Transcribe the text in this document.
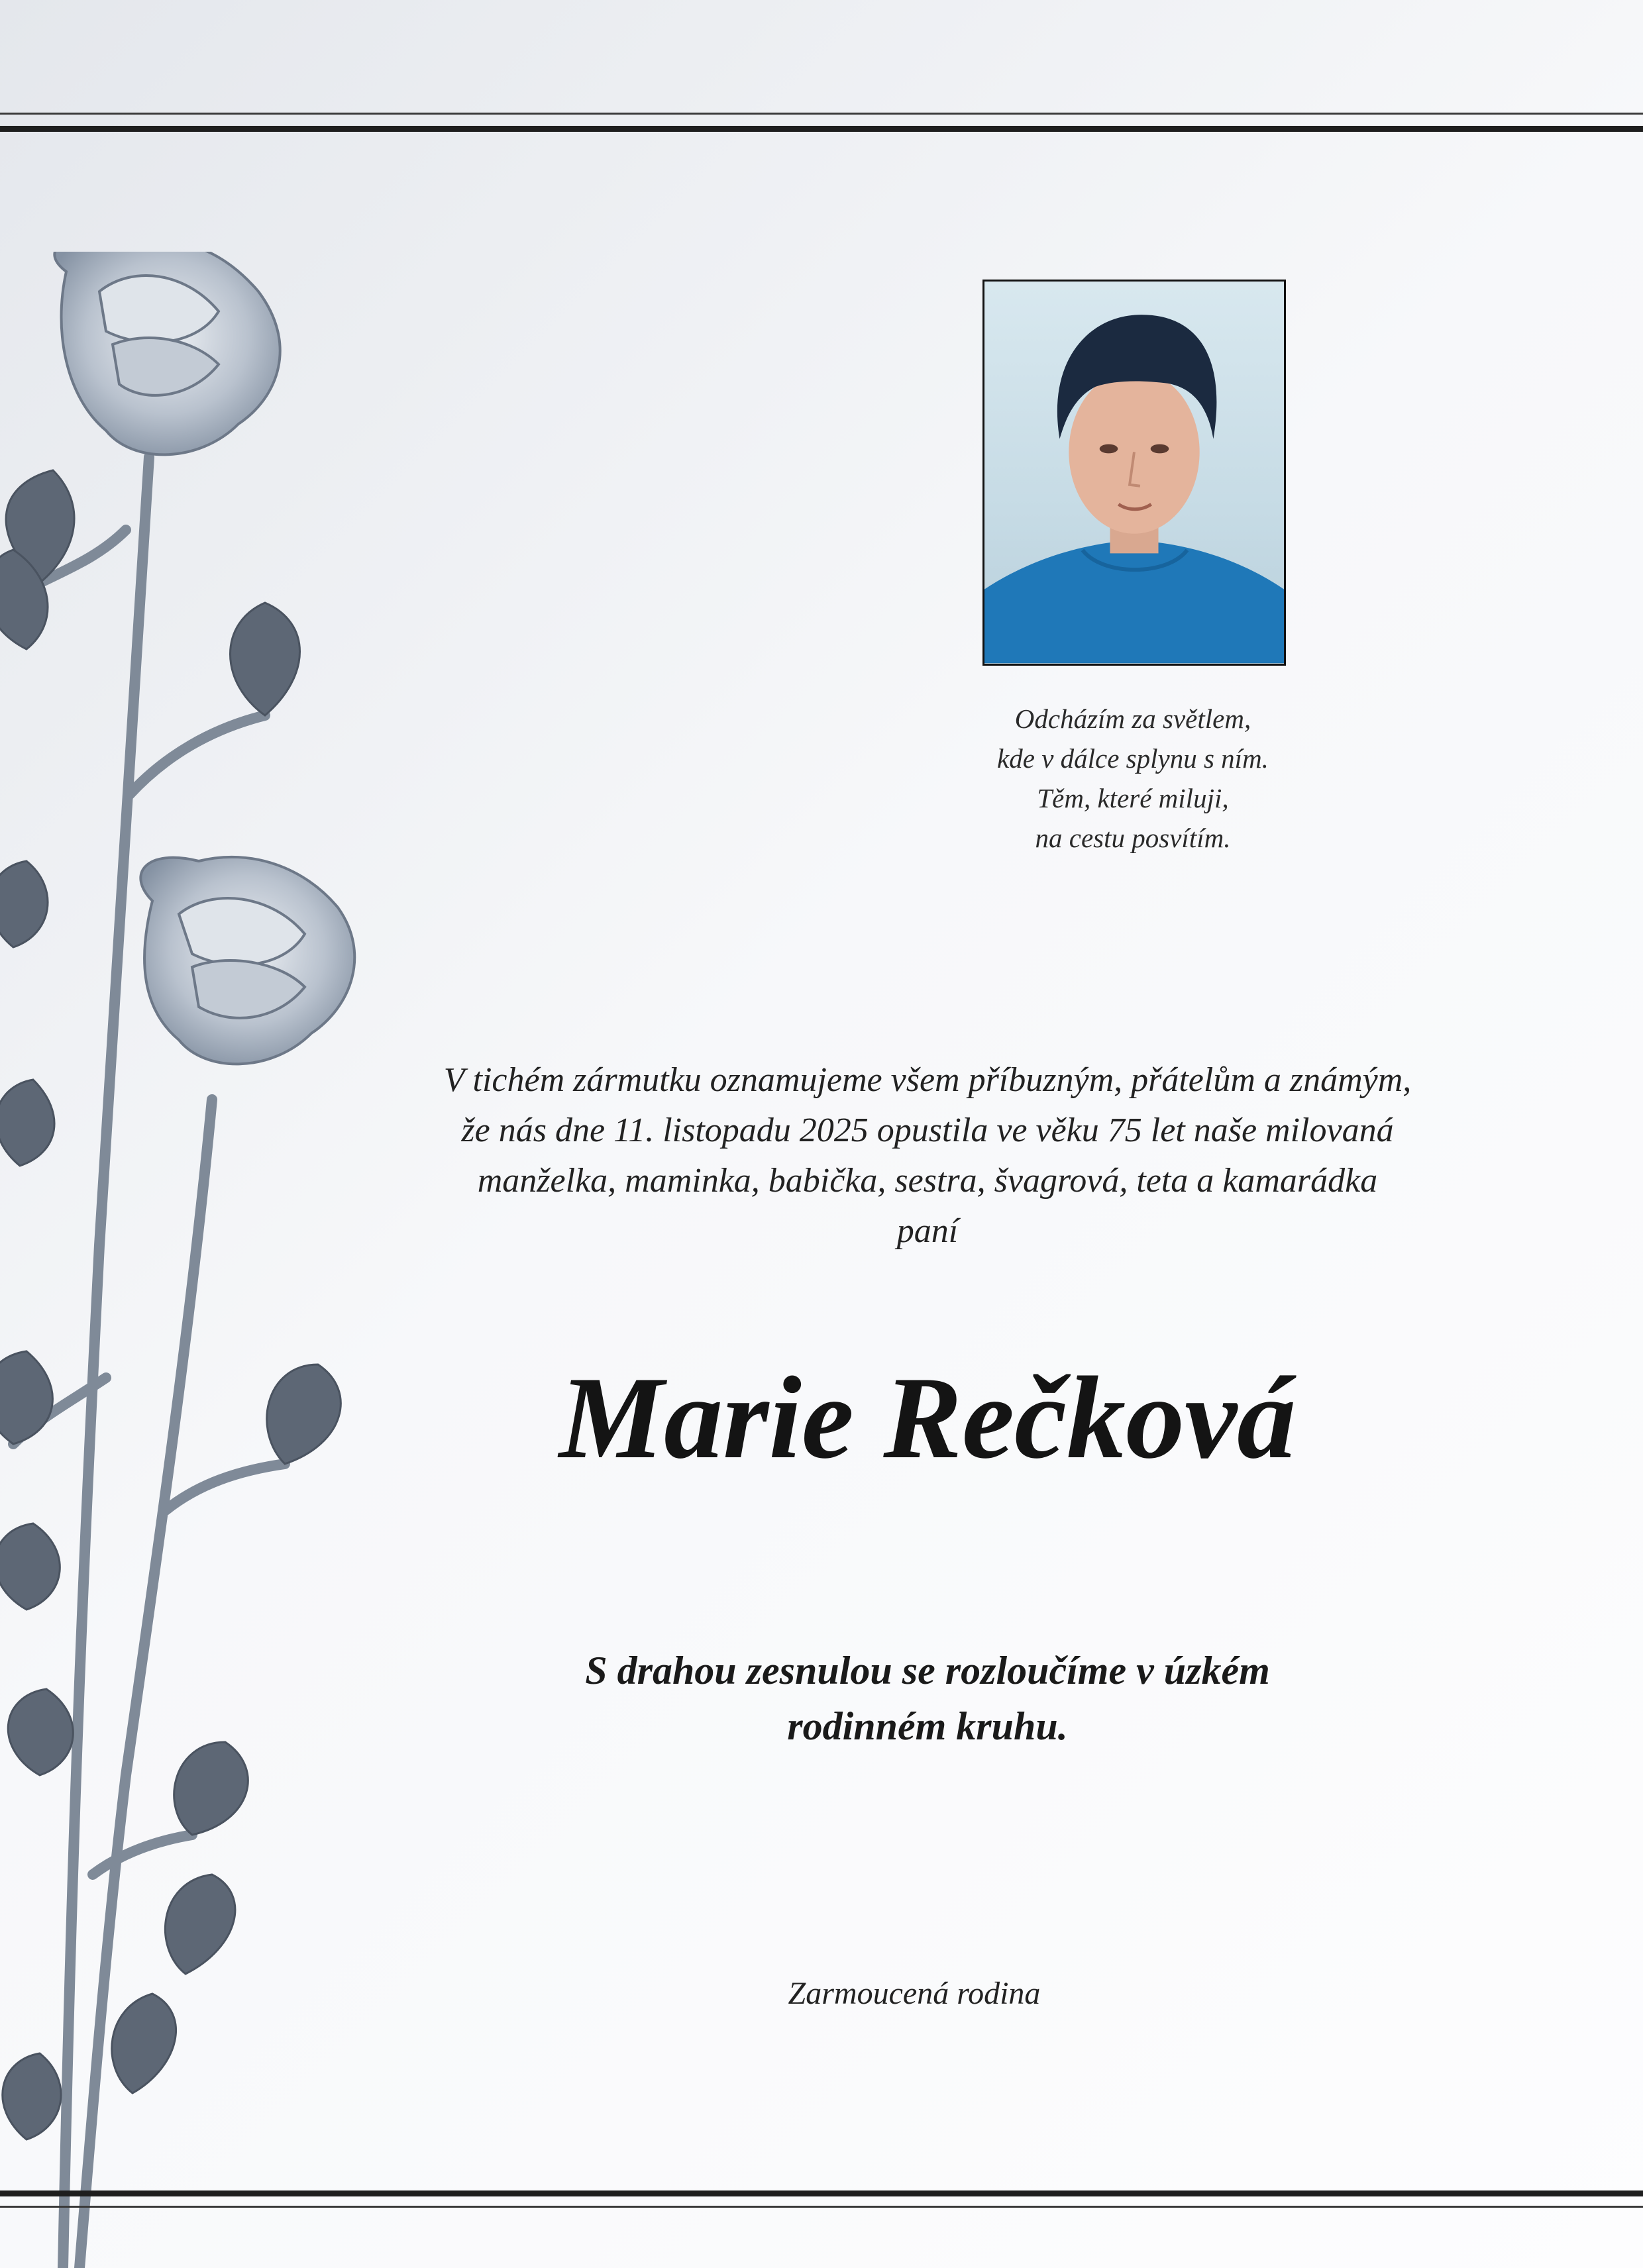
Odcházím za světlem,
kde v dálce splynu s ním.
Těm, které miluji,
na cestu posvítím.
V tichém zármutku oznamujeme všem příbuzným, přátelům a známým,
že nás dne 11. listopadu 2025 opustila ve věku 75 let naše milovaná
manželka, maminka, babička, sestra, švagrová, teta a kamarádka
paní
Marie Rečková
S drahou zesnulou se rozloučíme v úzkém
rodinném kruhu.
Zarmoucená rodina
